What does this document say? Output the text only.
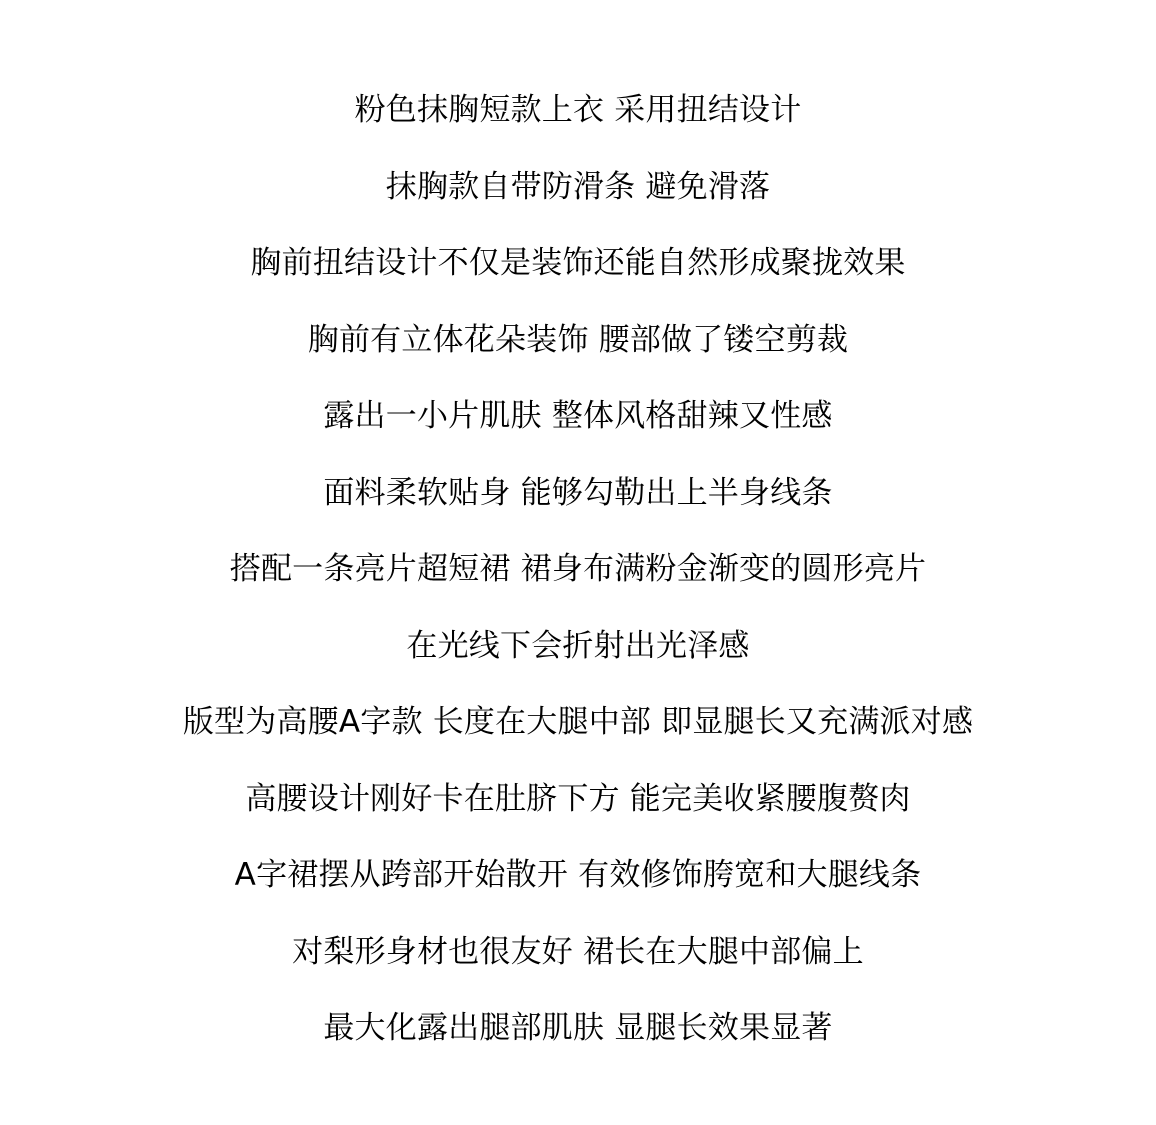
粉色抹胸短款上衣 采用扭结设计
抹胸款自带防滑条 避免滑落
胸前扭结设计不仅是装饰还能自然形成聚拢效果
胸前有立体花朵装饰 腰部做了镂空剪裁
露出一小片肌肤 整体风格甜辣又性感
面料柔软贴身 能够勾勒出上半身线条
搭配一条亮片超短裙 裙身布满粉金渐变的圆形亮片
在光线下会折射出光泽感
版型为高腰A字款 长度在大腿中部 即显腿长又充满派对感
高腰设计刚好卡在肚脐下方 能完美收紧腰腹赘肉
A字裙摆从跨部开始散开 有效修饰胯宽和大腿线条
对梨形身材也很友好 裙长在大腿中部偏上
最大化露出腿部肌肤 显腿长效果显著
